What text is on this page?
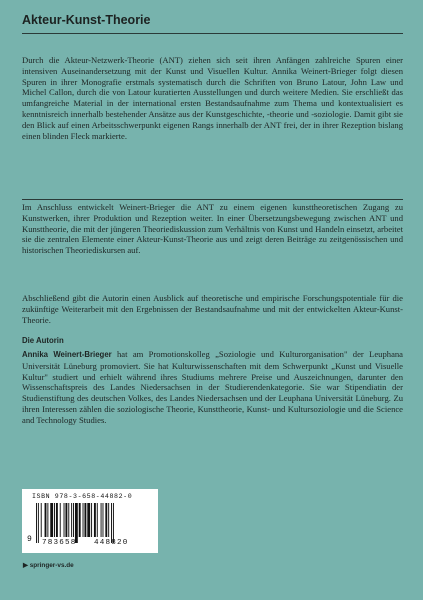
Akteur-Kunst-Theorie

Durch die Akteur-Netzwerk-Theorie (ANT) ziehen sich seit ihren Anfängen zahlreiche Spuren einer intensiven Auseinandersetzung mit der Kunst und Visuellen Kultur. Annika Weinert-Brieger folgt diesen Spuren in ihrer Monografie erstmals systematisch durch die Schriften von Bruno Latour, John Law und Michel Callon, durch die von Latour kuratierten Ausstellungen und durch weitere Medien. Sie erschließt das umfangreiche Material in der international ersten Bestandsaufnahme zum Thema und kontextualisiert es kenntnisreich innerhalb bestehender Ansätze aus der Kunstgeschichte, -theorie und -soziologie. Damit gibt sie den Blick auf einen Arbeitsschwerpunkt eigenen Rangs innerhalb der ANT frei, der in ihrer Rezeption bislang einen blinden Fleck markierte.

Im Anschluss entwickelt Weinert-Brieger die ANT zu einem eigenen kunsttheoretischen Zugang zu Kunstwerken, ihrer Produktion und Rezeption weiter. In einer Übersetzungsbewegung zwischen ANT und Kunsttheorie, die mit der jüngeren Theoriediskussion zum Verhältnis von Kunst und Handeln einsetzt, arbeitet sie die zentralen Elemente einer Akteur-Kunst-Theorie aus und zeigt deren Beiträge zu zeitgenössischen und historischen Theoriediskursen auf.

Abschließend gibt die Autorin einen Ausblick auf theoretische und empirische Forschungspotentiale für die zukünftige Weiterarbeit mit den Ergebnissen der Bestandsaufnahme und mit der entwickelten Akteur-Kunst-Theorie.

Die Autorin

Annika Weinert-Brieger hat am Promotionskolleg „Soziologie und Kulturorganisation" der Leuphana Universität Lüneburg promoviert. Sie hat Kulturwissenschaften mit dem Schwerpunkt „Kunst und Visuelle Kultur" studiert und erhielt während ihres Studiums mehrere Preise und Auszeichnungen, darunter den Wissenschaftspreis des Landes Niedersachsen in der Studierendenkategorie. Sie war Stipendiatin der Studienstiftung des deutschen Volkes, des Landes Niedersachsen und der Leuphana Universität Lüneburg. Zu ihren Interessen zählen die soziologische Theorie, Kunsttheorie, Kunst- und Kultursoziologie und die Science and Technology Studies.

ISBN 978-3-658-44882-0
9 783658 448820
▶ springer-vs.de
